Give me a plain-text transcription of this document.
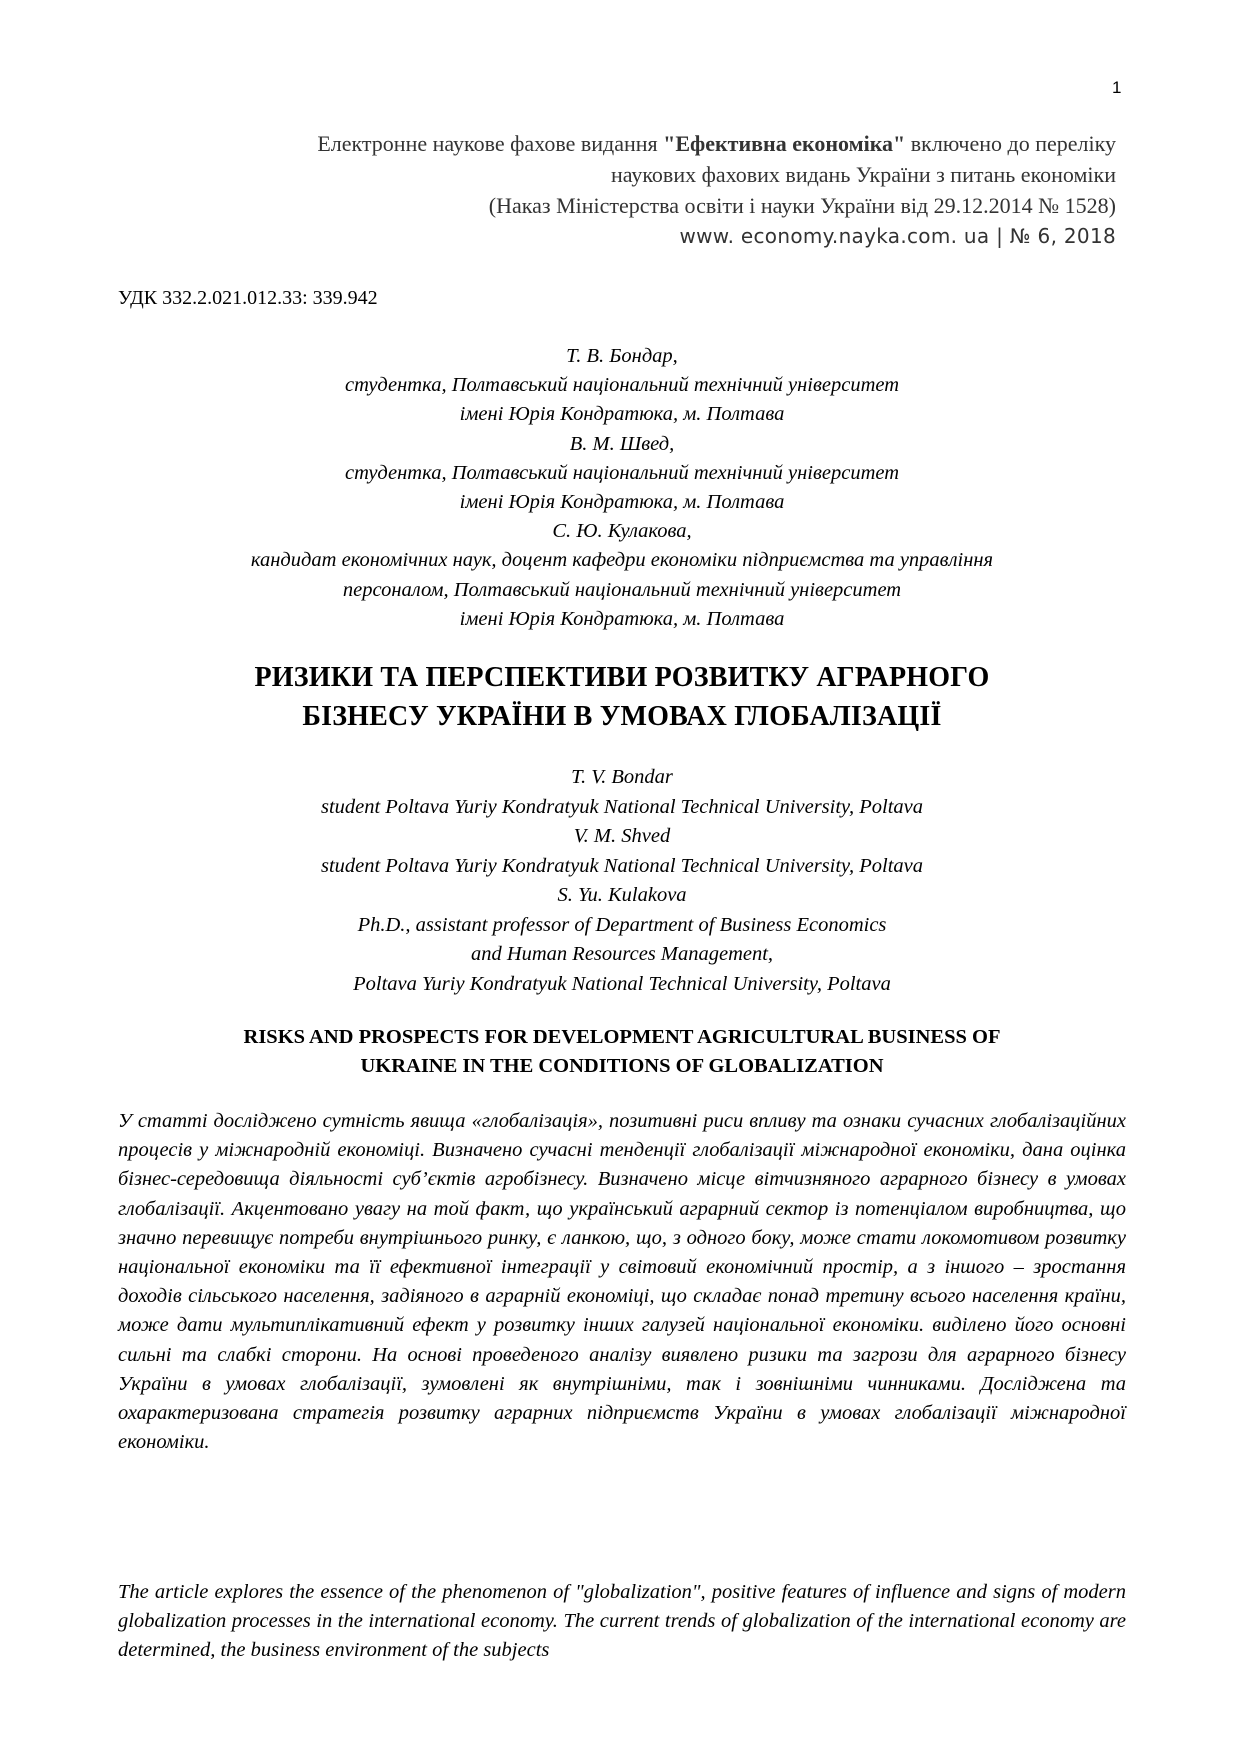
1
Електронне наукове фахове видання "Ефективна економіка" включено до переліку
наукових фахових видань України з питань економіки
(Наказ Міністерства освіти і науки України від 29.12.2014 № 1528)
www. economy.nayka.com. ua | № 6, 2018
УДК 332.2.021.012.33: 339.942
Т. В. Бондар,
студентка, Полтавський національний технічний університет
імені Юрія Кондратюка, м. Полтава
В. М. Швед,
студентка, Полтавський національний технічний університет
імені Юрія Кондратюка, м. Полтава
С. Ю. Кулакова,
кандидат економічних наук, доцент кафедри економіки підприємства та управління
персоналом, Полтавський національний технічний університет
імені Юрія Кондратюка, м. Полтава
РИЗИКИ ТА ПЕРСПЕКТИВИ РОЗВИТКУ АГРАРНОГО
БІЗНЕСУ УКРАЇНИ В УМОВАХ ГЛОБАЛІЗАЦІЇ
T. V. Bondar
student Poltava Yuriy Kondratyuk National Technical University, Poltava
V. M. Shved
student Poltava Yuriy Kondratyuk National Technical University, Poltava
S. Yu. Kulakova
Ph.D., assistant professor of Department of Business Economics
and Human Resources Management,
Poltava Yuriy Kondratyuk National Technical University, Poltava
RISKS AND PROSPECTS FOR DEVELOPMENT AGRICULTURAL BUSINESS OF
UKRAINE IN THE CONDITIONS OF GLOBALIZATION

У статті досліджено сутність явища «глобалізація», позитивні риси впливу та ознаки сучасних глобалізаційних процесів у міжнародній економіці. Визначено сучасні тенденції глобалізації міжнародної економіки, дана оцінка бізнес-середовища діяльності суб’єктів агробізнесу. Визначено місце вітчизняного аграрного бізнесу в умовах глобалізації. Акцентовано увагу на той факт, що український аграрний сектор із потенціалом виробництва, що значно перевищує потреби внутрішнього ринку, є ланкою, що, з одного боку, може стати локомотивом розвитку національної економіки та її ефективної інтеграції у світовий економічний простір, а з іншого – зростання доходів сільського населення, задіяного в аграрній економіці, що складає понад третину всього населення країни, може дати мультиплікативний ефект у розвитку інших галузей національної економіки. виділено його основні сильні та слабкі сторони. На основі проведеного аналізу виявлено ризики та загрози для аграрного бізнесу України в умовах глобалізації, зумовлені як внутрішніми, так і зовнішніми чинниками. Досліджена та охарактеризована стратегія розвитку аграрних підприємств України в умовах глобалізації міжнародної економіки.

The article explores the essence of the phenomenon of "globalization", positive features of influence and signs of modern globalization processes in the international economy. The current trends of globalization of the international economy are determined, the business environment of the subjects
